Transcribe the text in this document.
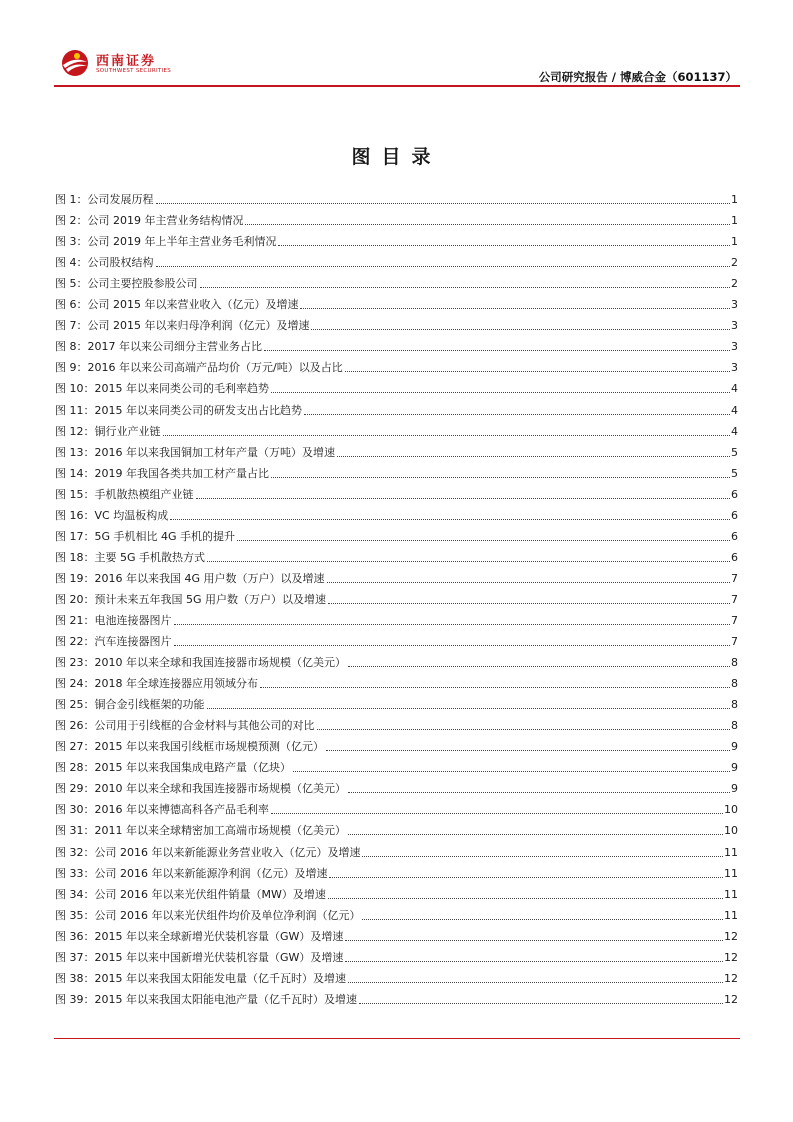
西南证券
SOUTHWEST SECURITIES	公司研究报告 / 博威合金（601137）
图目录
图 1：公司发展历程	1
图 2：公司 2019 年主营业务结构情况	1
图 3：公司 2019 年上半年主营业务毛利情况	1
图 4：公司股权结构	2
图 5：公司主要控股参股公司	2
图 6：公司 2015 年以来营业收入（亿元）及增速	3
图 7：公司 2015 年以来归母净利润（亿元）及增速	3
图 8：2017 年以来公司细分主营业务占比	3
图 9：2016 年以来公司高端产品均价（万元/吨）以及占比	3
图 10：2015 年以来同类公司的毛利率趋势	4
图 11：2015 年以来同类公司的研发支出占比趋势	4
图 12：铜行业产业链	4
图 13：2016 年以来我国铜加工材年产量（万吨）及增速	5
图 14：2019 年我国各类共加工材产量占比	5
图 15：手机散热模组产业链	6
图 16：VC 均温板构成	6
图 17：5G 手机相比 4G 手机的提升	6
图 18：主要 5G 手机散热方式	6
图 19：2016 年以来我国 4G 用户数（万户）以及增速	7
图 20：预计未来五年我国 5G 用户数（万户）以及增速	7
图 21：电池连接器图片	7
图 22：汽车连接器图片	7
图 23：2010 年以来全球和我国连接器市场规模（亿美元）	8
图 24：2018 年全球连接器应用领域分布	8
图 25：铜合金引线框架的功能	8
图 26：公司用于引线框的合金材料与其他公司的对比	8
图 27：2015 年以来我国引线框市场规模预测（亿元）	9
图 28：2015 年以来我国集成电路产量（亿块）	9
图 29：2010 年以来全球和我国连接器市场规模（亿美元）	9
图 30：2016 年以来博德高科各产品毛利率	10
图 31：2011 年以来全球精密加工高端市场规模（亿美元）	10
图 32：公司 2016 年以来新能源业务营业收入（亿元）及增速	11
图 33：公司 2016 年以来新能源净利润（亿元）及增速	11
图 34：公司 2016 年以来光伏组件销量（MW）及增速	11
图 35：公司 2016 年以来光伏组件均价及单位净利润（亿元）	11
图 36：2015 年以来全球新增光伏装机容量（GW）及增速	12
图 37：2015 年以来中国新增光伏装机容量（GW）及增速	12
图 38：2015 年以来我国太阳能发电量（亿千瓦时）及增速	12
图 39：2015 年以来我国太阳能电池产量（亿千瓦时）及增速	12
